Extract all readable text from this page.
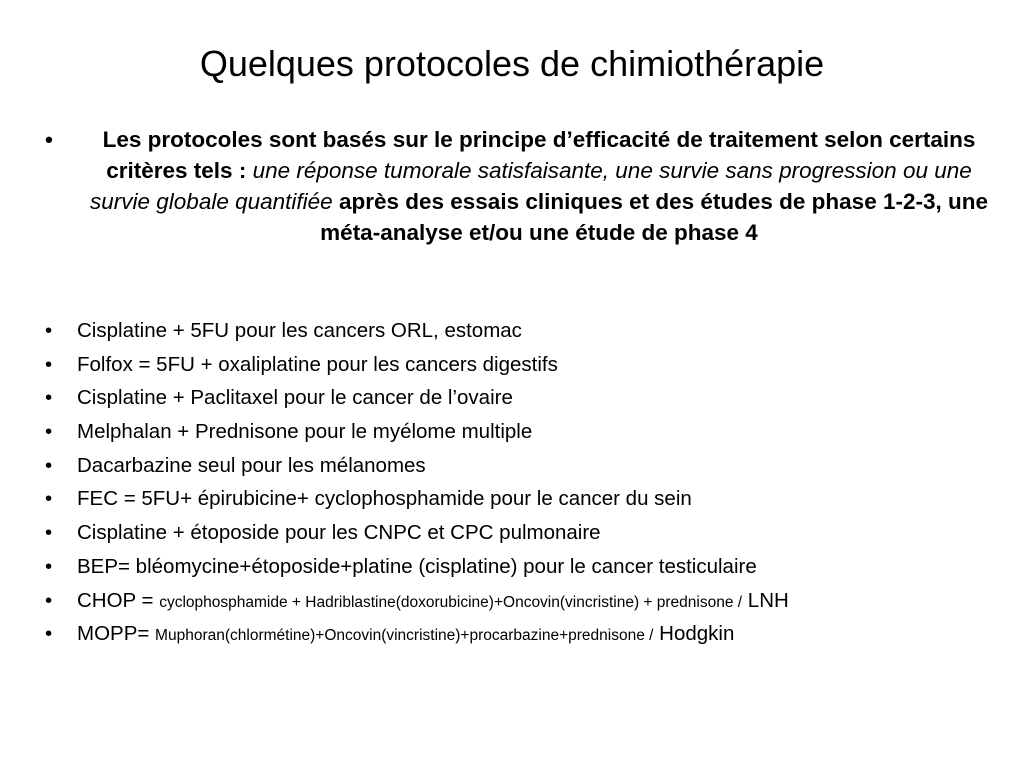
Quelques protocoles de chimiothérapie
•	Les protocoles sont basés sur le principe d’efficacité de traitement selon certains critères tels : une réponse tumorale satisfaisante, une survie sans progression ou une survie globale quantifiée après des essais cliniques et des études de phase 1-2-3, une méta-analyse et/ou une étude de phase 4
• Cisplatine + 5FU pour les cancers ORL, estomac
• Folfox = 5FU + oxaliplatine pour les cancers digestifs
• Cisplatine + Paclitaxel pour le cancer de l’ovaire
• Melphalan + Prednisone pour le myélome multiple
• Dacarbazine seul pour les mélanomes
• FEC = 5FU+ épirubicine+ cyclophosphamide pour le cancer du sein
• Cisplatine + étoposide pour les CNPC et CPC pulmonaire
• BEP= bléomycine+étoposide+platine (cisplatine) pour le cancer testiculaire
• CHOP = cyclophosphamide + Hadriblastine(doxorubicine)+Oncovin(vincristine) + prednisone / LNH
• MOPP= Muphoran(chlormétine)+Oncovin(vincristine)+procarbazine+prednisone / Hodgkin
